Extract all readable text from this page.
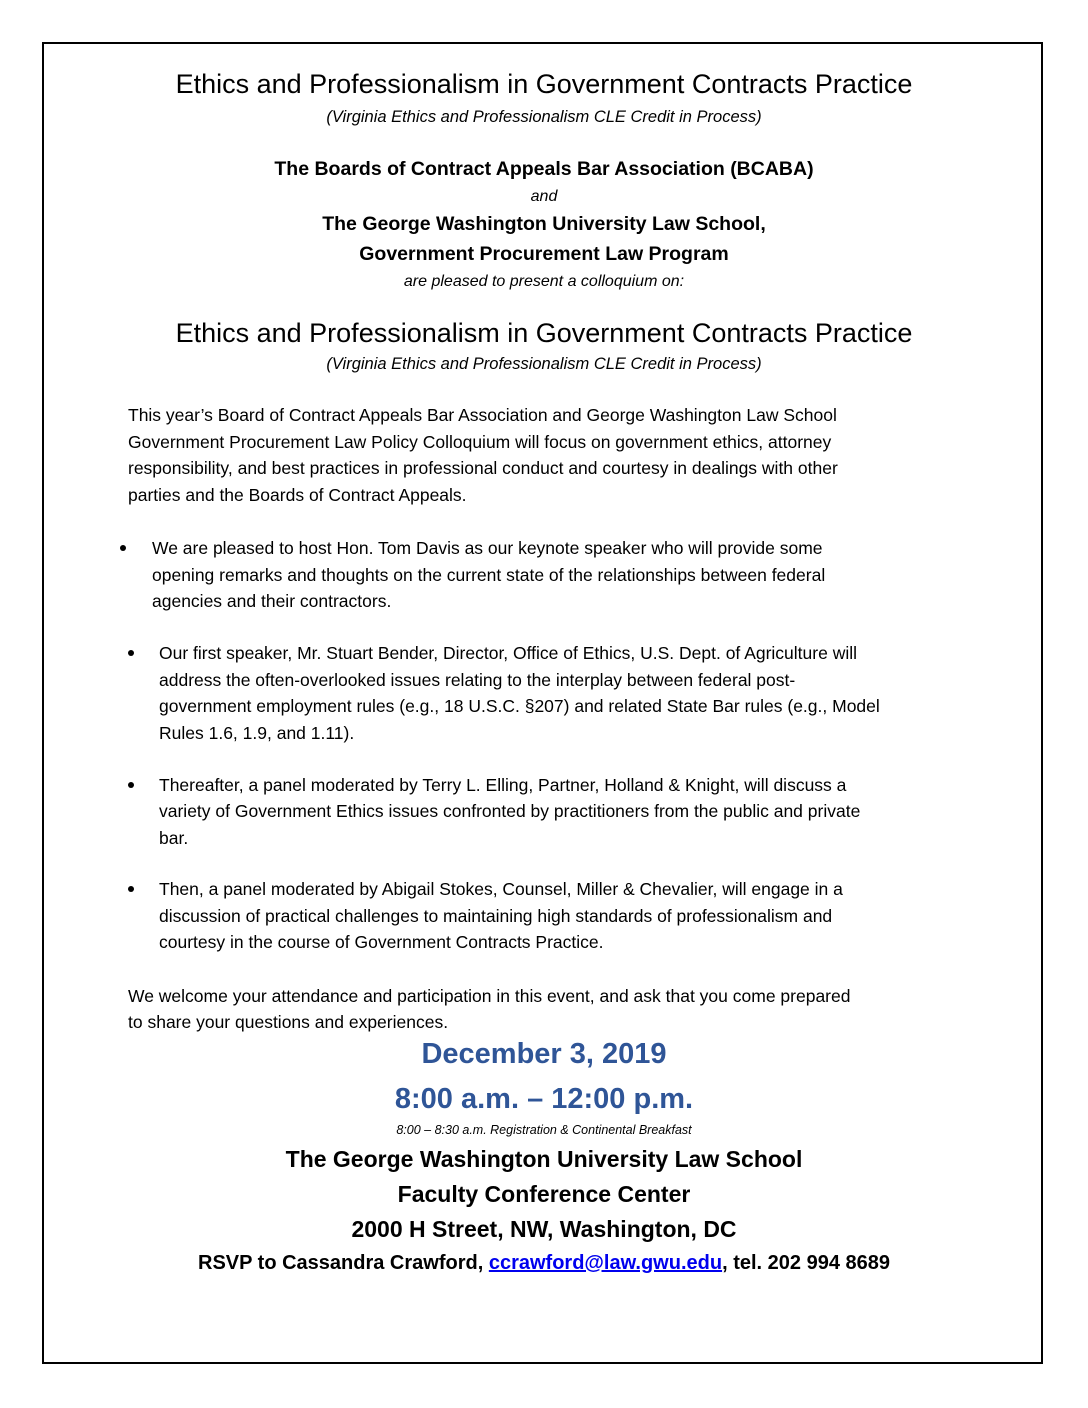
Ethics and Professionalism in Government Contracts Practice

(Virginia Ethics and Professionalism CLE Credit in Process)

The Boards of Contract Appeals Bar Association (BCABA)

and

The George Washington University Law School,

Government Procurement Law Program

are pleased to present a colloquium on:

Ethics and Professionalism in Government Contracts Practice

(Virginia Ethics and Professionalism CLE Credit in Process)

This year’s Board of Contract Appeals Bar Association and George Washington Law School

Government Procurement Law Policy Colloquium will focus on government ethics, attorney

responsibility, and best practices in professional conduct and courtesy in dealings with other

parties and the Boards of Contract Appeals.

We are pleased to host Hon. Tom Davis as our keynote speaker who will provide some

opening remarks and thoughts on the current state of the relationships between federal

agencies and their contractors.

Our first speaker, Mr. Stuart Bender, Director, Office of Ethics, U.S. Dept. of Agriculture will

address the often-overlooked issues relating to the interplay between federal post-

government employment rules (e.g., 18 U.S.C. §207) and related State Bar rules (e.g., Model

Rules 1.6, 1.9, and 1.11).

Thereafter, a panel moderated by Terry L. Elling, Partner, Holland & Knight, will discuss a

variety of Government Ethics issues confronted by practitioners from the public and private

bar.

Then, a panel moderated by Abigail Stokes, Counsel, Miller & Chevalier, will engage in a

discussion of practical challenges to maintaining high standards of professionalism and

courtesy in the course of Government Contracts Practice.

We welcome your attendance and participation in this event, and ask that you come prepared

to share your questions and experiences.

December 3, 2019

8:00 a.m. – 12:00 p.m.

8:00 – 8:30 a.m. Registration & Continental Breakfast

The George Washington University Law School

Faculty Conference Center

2000 H Street, NW, Washington, DC

RSVP to Cassandra Crawford, ccrawford@law.gwu.edu, tel. 202 994 8689
